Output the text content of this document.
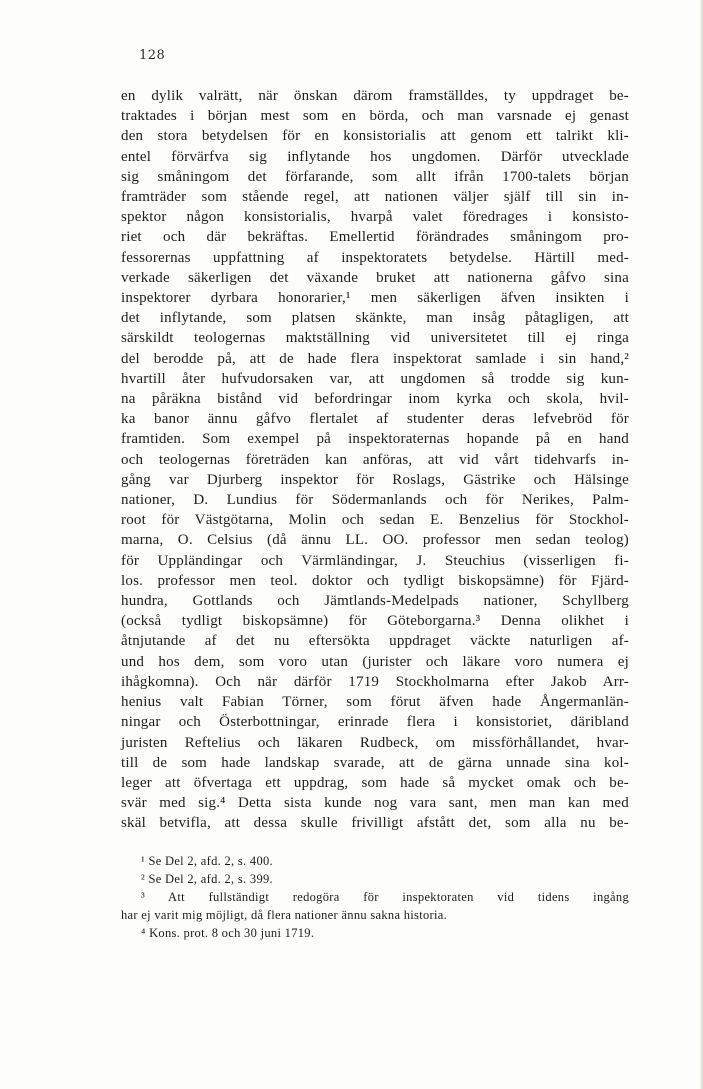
128
en dylik valrätt, när önskan därom framställdes, ty uppdraget be-
traktades i början mest som en börda, och man varsnade ej genast
den stora betydelsen för en konsistorialis att genom ett talrikt kli-
entel förvärfva sig inflytande hos ungdomen. Därför utvecklade
sig småningom det förfarande, som allt ifrån 1700-talets början
framträder som stående regel, att nationen väljer själf till sin in-
spektor någon konsistorialis, hvarpå valet föredrages i konsisto-
riet och där bekräftas. Emellertid förändrades småningom pro-
fessorernas uppfattning af inspektoratets betydelse. Härtill med-
verkade säkerligen det växande bruket att nationerna gåfvo sina
inspektorer dyrbara honorarier,¹ men säkerligen äfven insikten i
det inflytande, som platsen skänkte, man insåg påtagligen, att
särskildt teologernas maktställning vid universitetet till ej ringa
del berodde på, att de hade flera inspektorat samlade i sin hand,²
hvartill åter hufvudorsaken var, att ungdomen så trodde sig kun-
na påräkna bistånd vid befordringar inom kyrka och skola, hvil-
ka banor ännu gåfvo flertalet af studenter deras lefvebröd för
framtiden. Som exempel på inspektoraternas hopande på en hand
och teologernas företräden kan anföras, att vid vårt tidehvarfs in-
gång var Djurberg inspektor för Roslags, Gästrike och Hälsinge
nationer, D. Lundius för Södermanlands och för Nerikes, Palm-
root för Västgötarna, Molin och sedan E. Benzelius för Stockhol-
marna, O. Celsius (då ännu LL. OO. professor men sedan teolog)
för Uppländingar och Värmländingar, J. Steuchius (visserligen fi-
los. professor men teol. doktor och tydligt biskopsämne) för Fjärd-
hundra, Gottlands och Jämtlands-Medelpads nationer, Schyllberg
(också tydligt biskopsämne) för Göteborgarna.³ Denna olikhet i
åtnjutande af det nu eftersökta uppdraget väckte naturligen af-
und hos dem, som voro utan (jurister och läkare voro numera ej
ihågkomna). Och när därför 1719 Stockholmarna efter Jakob Arr-
henius valt Fabian Törner, som förut äfven hade Ångermanlän-
ningar och Österbottningar, erinrade flera i konsistoriet, däribland
juristen Reftelius och läkaren Rudbeck, om missförhållandet, hvar-
till de som hade landskap svarade, att de gärna unnade sina kol-
leger att öfvertaga ett uppdrag, som hade så mycket omak och be-
svär med sig.⁴ Detta sista kunde nog vara sant, men man kan med
skäl betvifla, att dessa skulle frivilligt afstått det, som alla nu be-
¹ Se Del 2, afd. 2, s. 400.
² Se Del 2, afd. 2, s. 399.
³ Att fullständigt redogöra för inspektoraten vid tidens ingång
har ej varit mig möjligt, då flera nationer ännu sakna historia.
⁴ Kons. prot. 8 och 30 juni 1719.
